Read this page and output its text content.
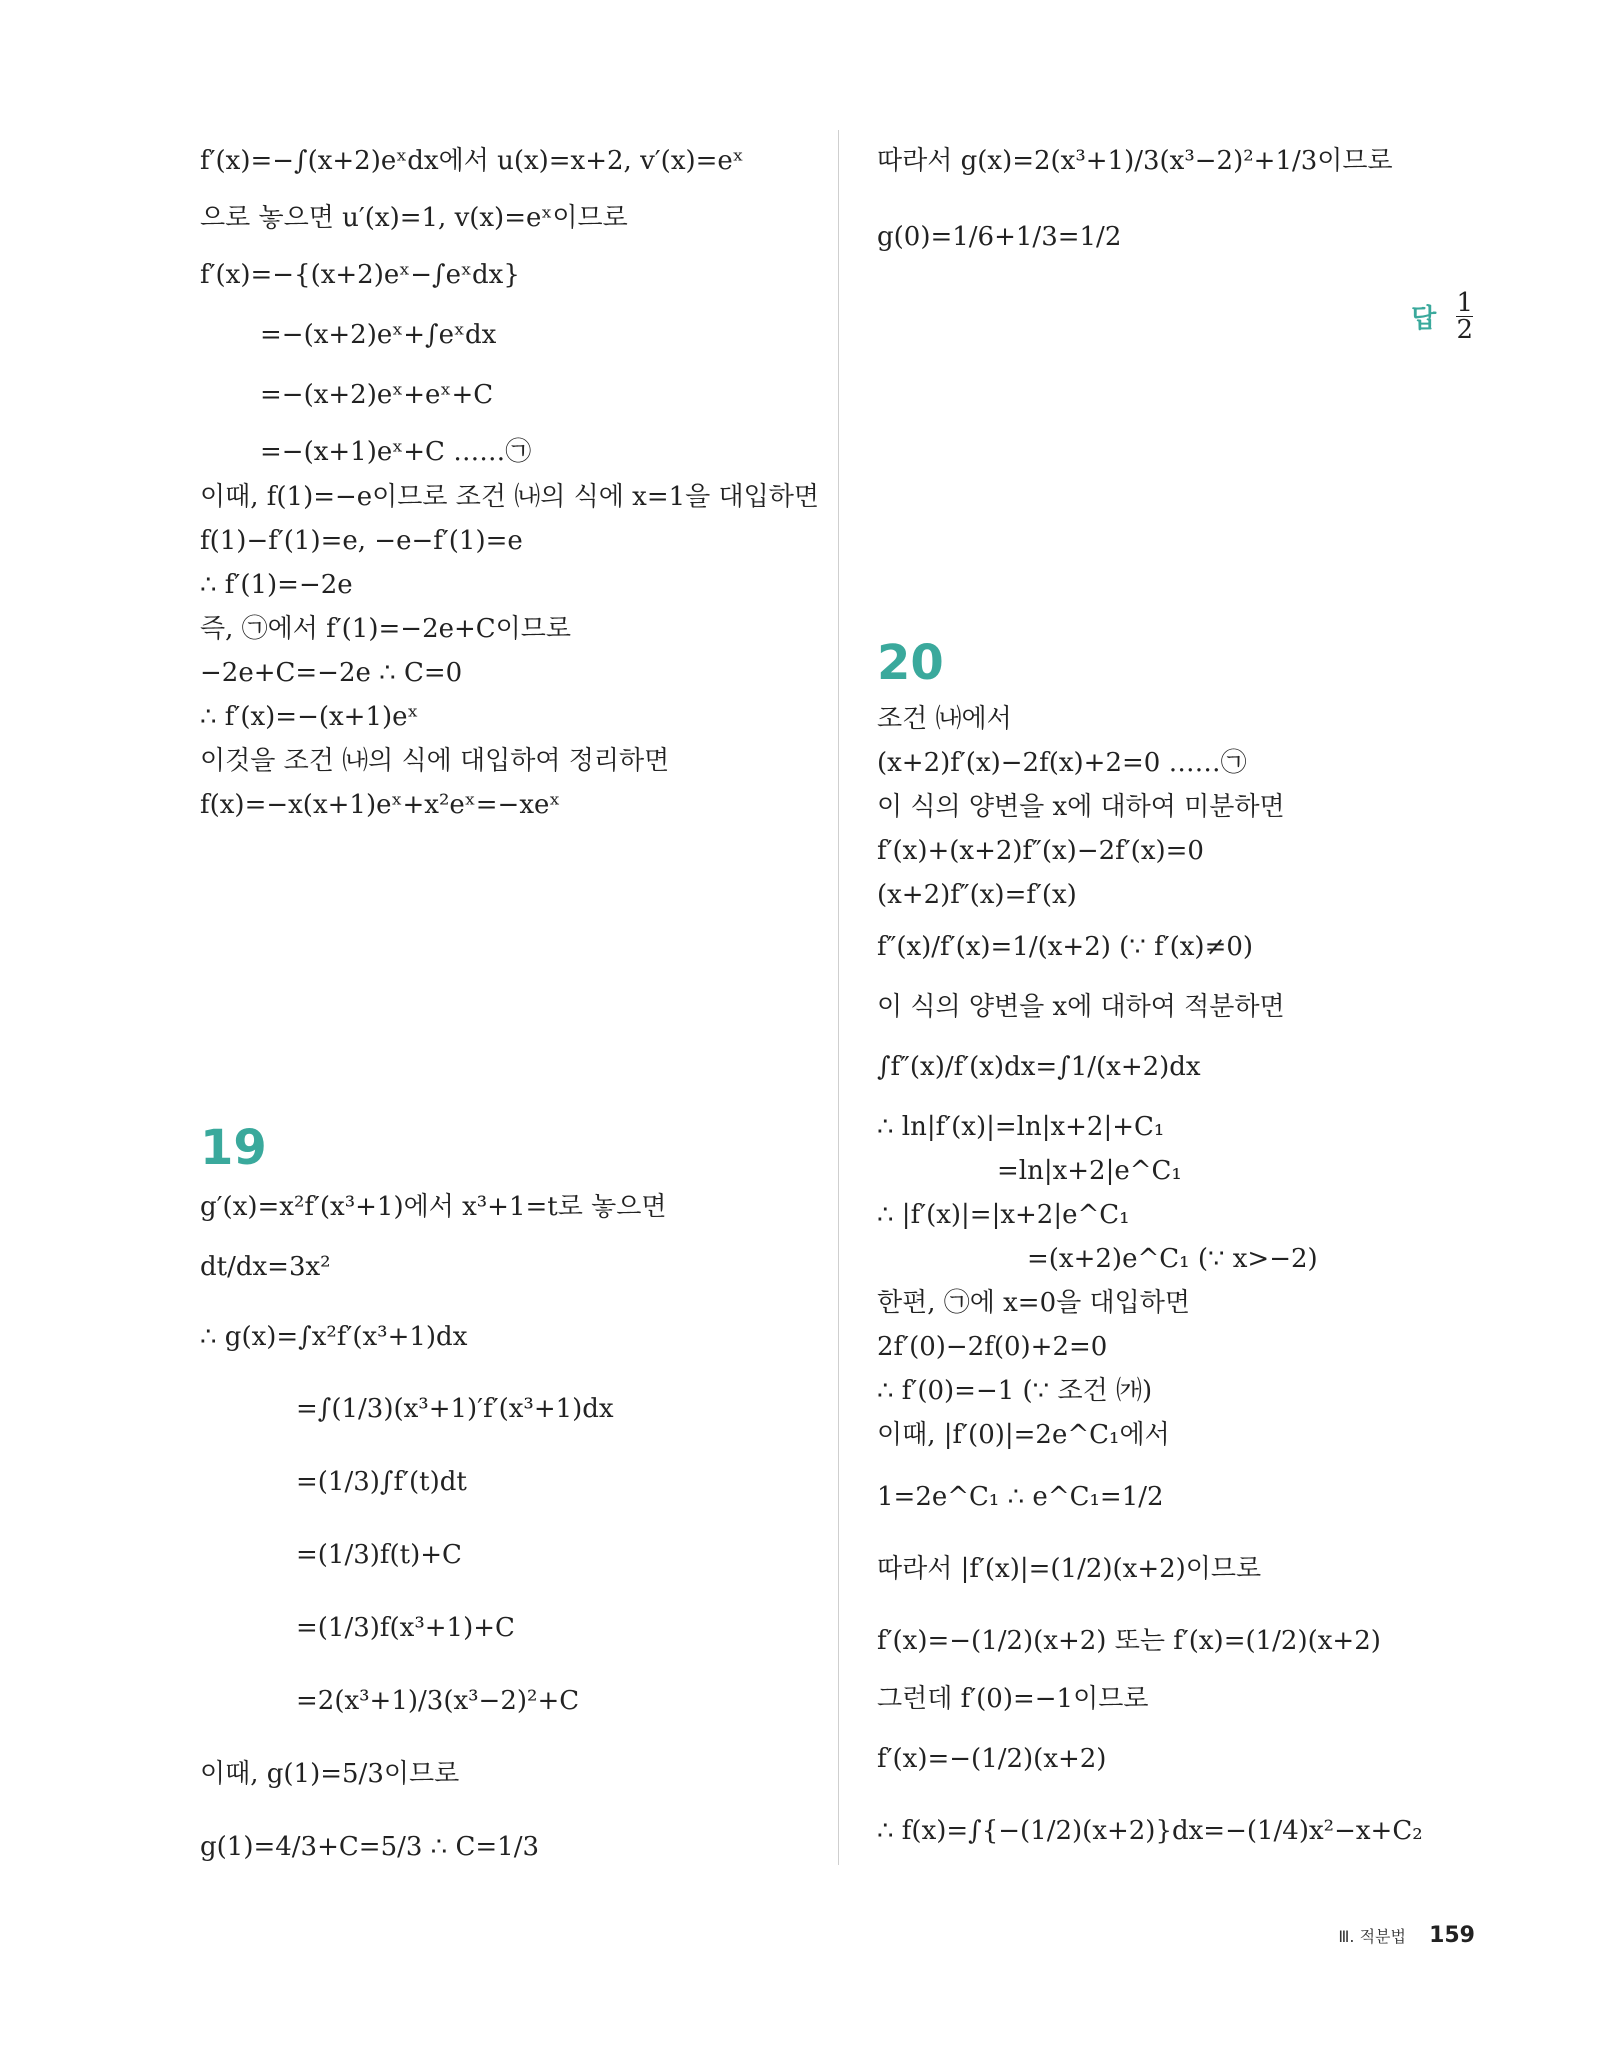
f′(x)=−∫(x+2)eˣdx에서 u(x)=x+2, v′(x)=eˣ
으로 놓으면 u′(x)=1, v(x)=eˣ이므로
f′(x)=−{(x+2)eˣ−∫eˣdx}
=−(x+2)eˣ+∫eˣdx
=−(x+2)eˣ+eˣ+C
=−(x+1)eˣ+C ……㉠
이때, f(1)=−e이므로 조건 ㈏의 식에 x=1을 대입하면
f(1)−f′(1)=e, −e−f′(1)=e
∴ f′(1)=−2e
즉, ㉠에서 f′(1)=−2e+C이므로
−2e+C=−2e ∴ C=0
∴ f′(x)=−(x+1)eˣ
이것을 조건 ㈏의 식에 대입하여 정리하면
f(x)=−x(x+1)eˣ+x²eˣ=−xeˣ
19
g′(x)=x²f′(x³+1)에서 x³+1=t로 놓으면
dt/dx=3x²
∴ g(x)=∫x²f′(x³+1)dx
=∫(1/3)(x³+1)′f′(x³+1)dx
=(1/3)∫f′(t)dt
=(1/3)f(t)+C
=(1/3)f(x³+1)+C
=2(x³+1)/3(x³−2)²+C
이때, g(1)=5/3이므로
g(1)=4/3+C=5/3 ∴ C=1/3
따라서 g(x)=2(x³+1)/3(x³−2)²+1/3이므로
g(0)=1/6+1/3=1/2
답 $\frac{1}{2}$
20
조건 ㈏에서
(x+2)f′(x)−2f(x)+2=0 ……㉠
이 식의 양변을 x에 대하여 미분하면
f′(x)+(x+2)f″(x)−2f′(x)=0
(x+2)f″(x)=f′(x)
f″(x)/f′(x)=1/(x+2) (∵ f′(x)≠0)
이 식의 양변을 x에 대하여 적분하면
∫f″(x)/f′(x)dx=∫1/(x+2)dx
∴ ln|f′(x)|=ln|x+2|+C₁
=ln|x+2|e^C₁
∴ |f′(x)|=|x+2|e^C₁
=(x+2)e^C₁ (∵ x>−2)
한편, ㉠에 x=0을 대입하면
2f′(0)−2f(0)+2=0
∴ f′(0)=−1 (∵ 조건 ㈎)
이때, |f′(0)|=2e^C₁에서
1=2e^C₁ ∴ e^C₁=1/2
따라서 |f′(x)|=(1/2)(x+2)이므로
f′(x)=−(1/2)(x+2) 또는 f′(x)=(1/2)(x+2)
그런데 f′(0)=−1이므로
f′(x)=−(1/2)(x+2)
∴ f(x)=∫{−(1/2)(x+2)}dx=−(1/4)x²−x+C₂
Ⅲ. 적분법 159
